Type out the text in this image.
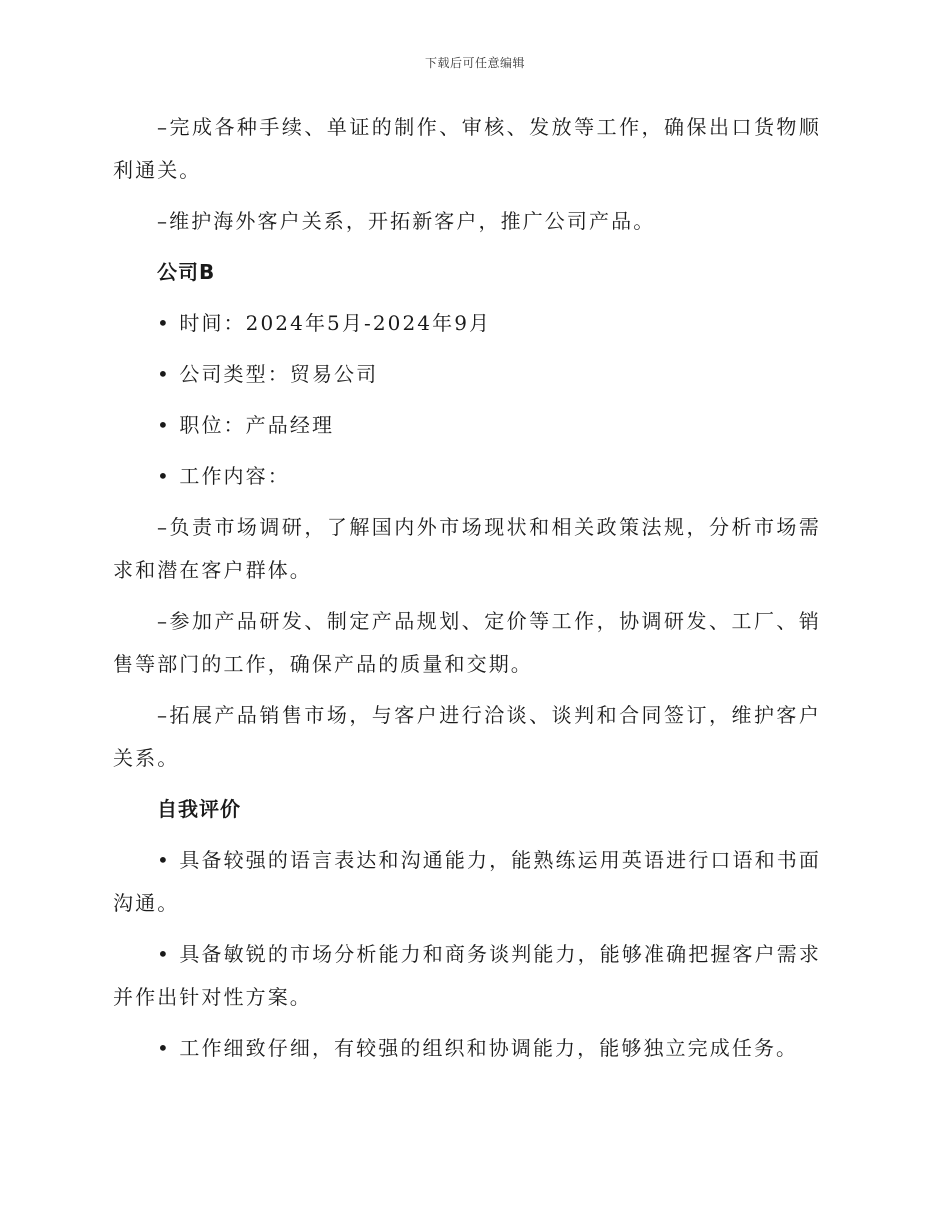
下载后可任意编辑

–完成各种手续、单证的制作、审核、发放等工作，确保出口货物顺利通关。

–维护海外客户关系，开拓新客户，推广公司产品。

公司B

• 时间：2024年5月-2024年9月

• 公司类型：贸易公司

• 职位：产品经理

• 工作内容：

–负责市场调研，了解国内外市场现状和相关政策法规，分析市场需求和潜在客户群体。

–参加产品研发、制定产品规划、定价等工作，协调研发、工厂、销售等部门的工作，确保产品的质量和交期。

–拓展产品销售市场，与客户进行洽谈、谈判和合同签订，维护客户关系。

自我评价

• 具备较强的语言表达和沟通能力，能熟练运用英语进行口语和书面沟通。

• 具备敏锐的市场分析能力和商务谈判能力，能够准确把握客户需求并作出针对性方案。

• 工作细致仔细，有较强的组织和协调能力，能够独立完成任务。
